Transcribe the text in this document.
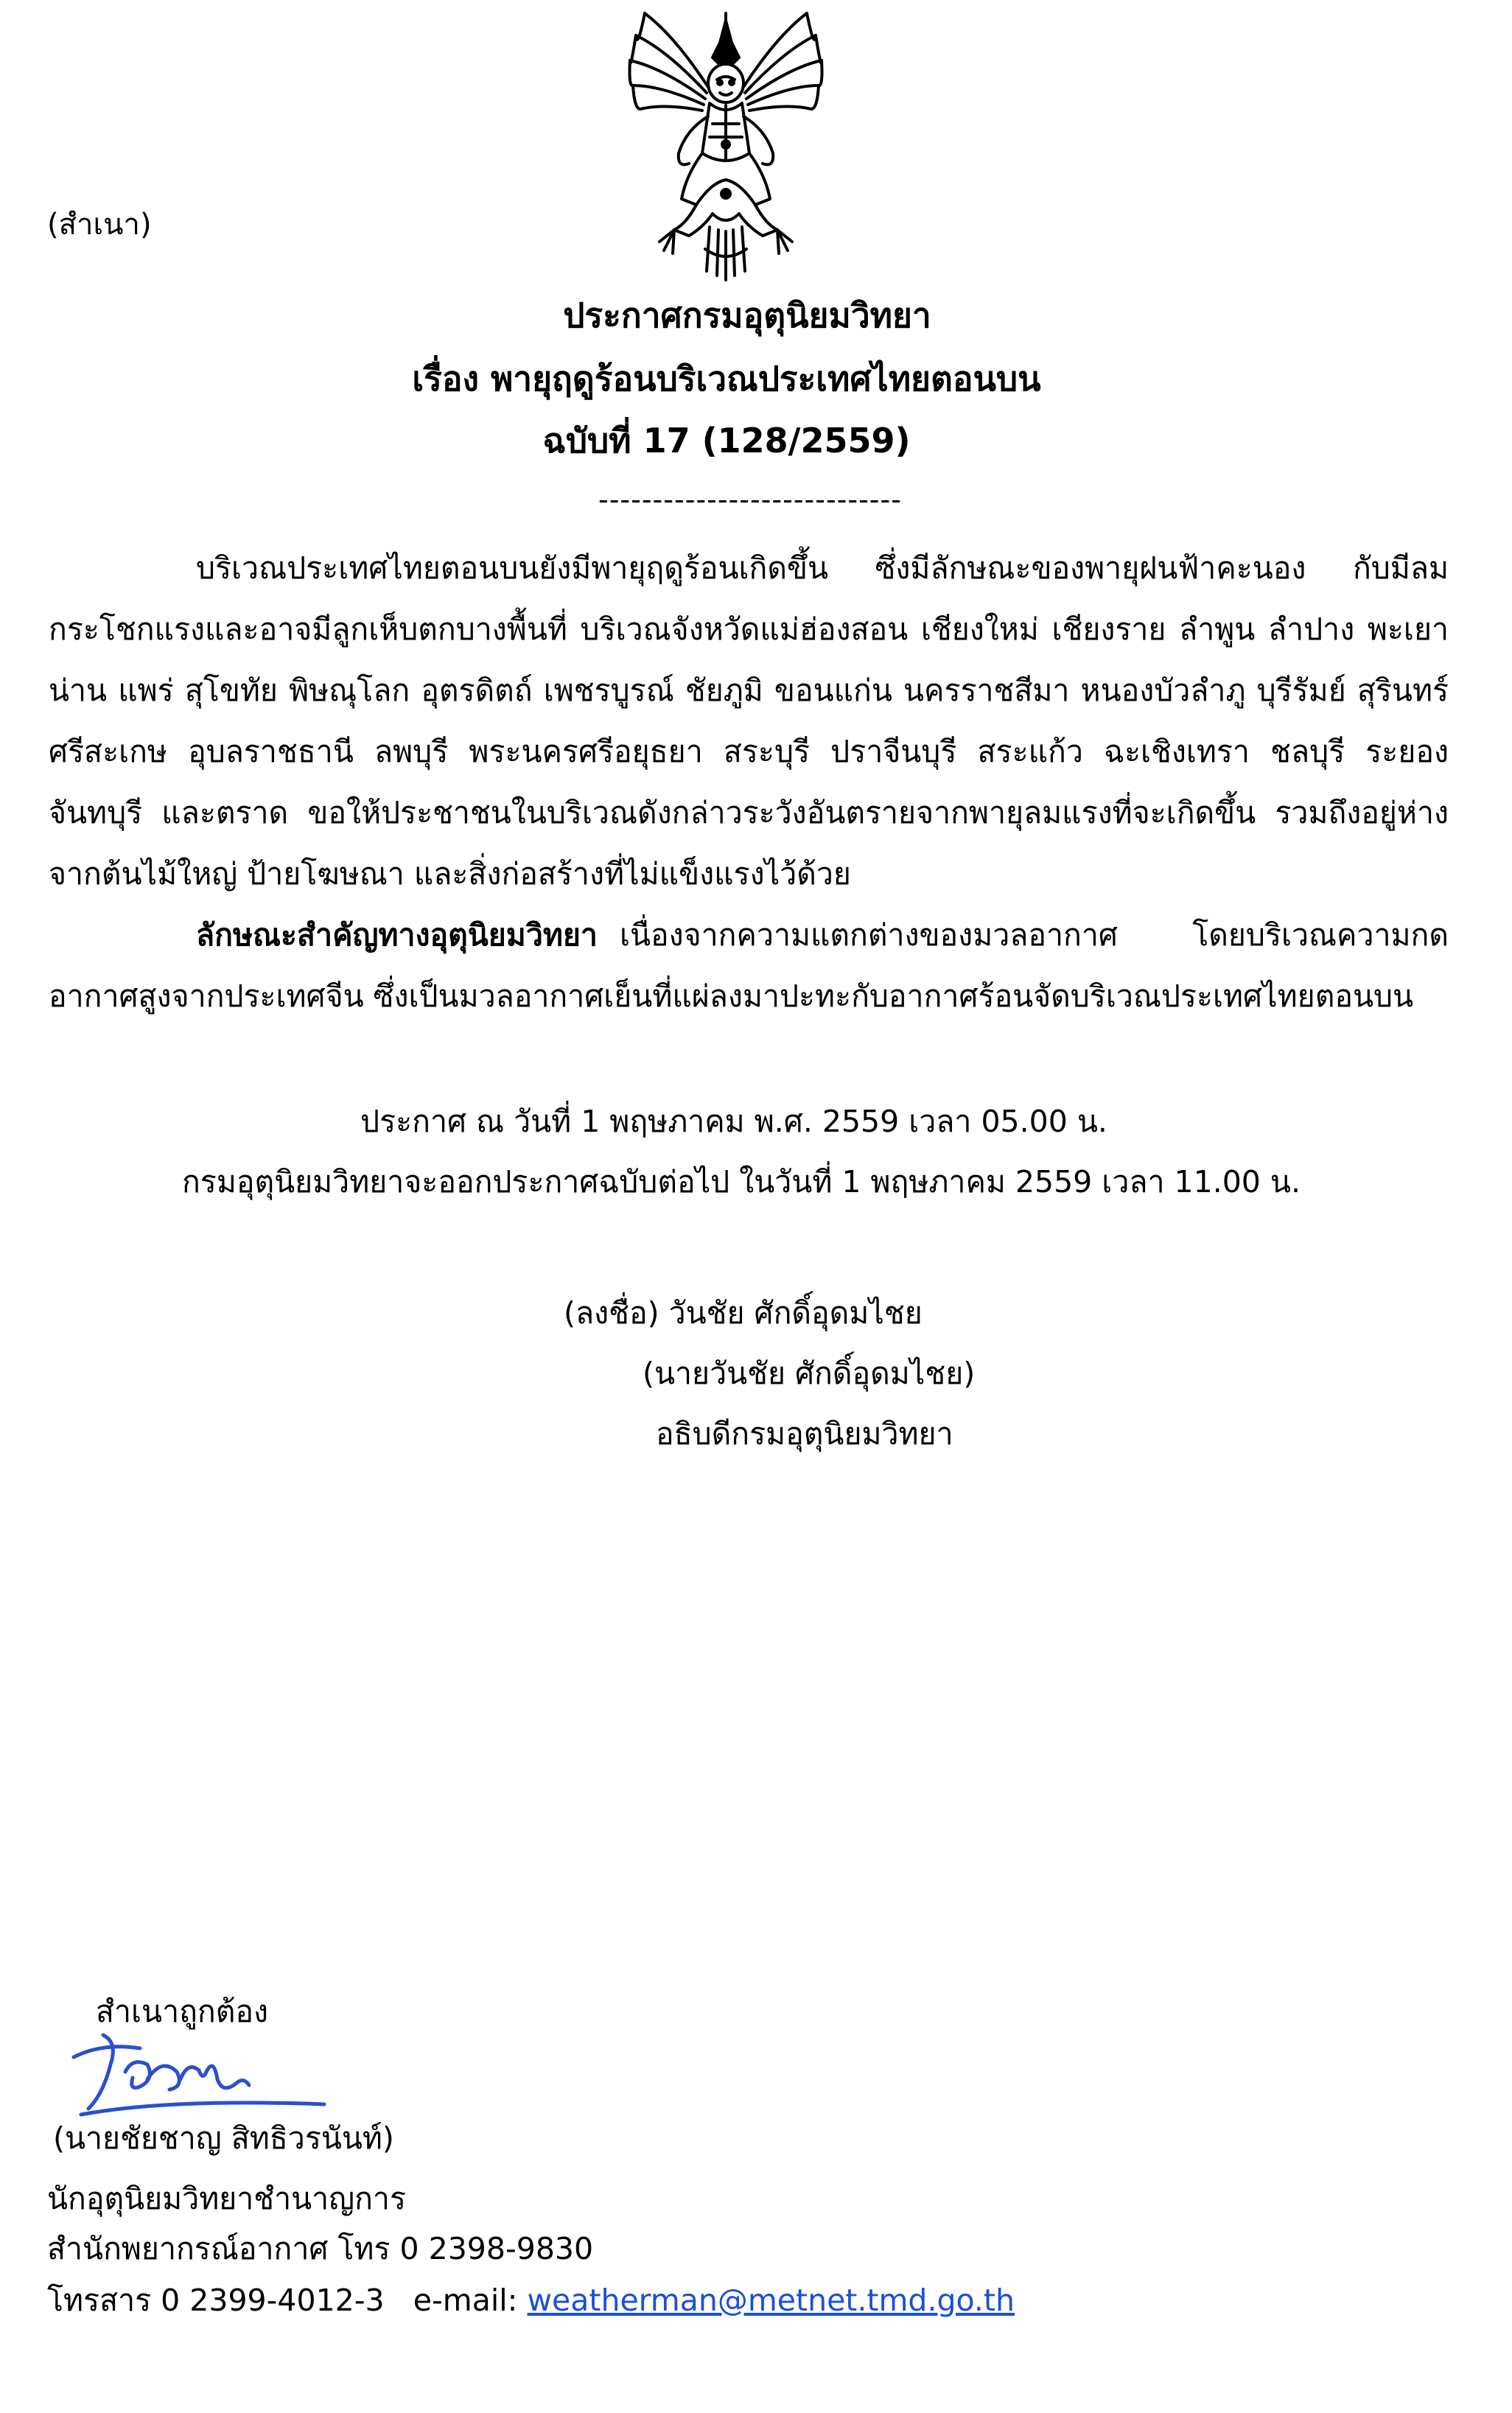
(สำเนา)
ประกาศกรมอุตุนิยมวิทยา
เรื่อง พายุฤดูร้อนบริเวณประเทศไทยตอนบน
ฉบับที่ 17 (128/2559)
----------------------------

บริเวณประเทศไทยตอนบนยังมีพายุฤดูร้อนเกิดขึ้น ซึ่งมีลักษณะของพายุฝนฟ้าคะนอง กับมีลมกระโชกแรงและอาจมีลูกเห็บตกบางพื้นที่ บริเวณจังหวัดแม่ฮ่องสอน เชียงใหม่ เชียงราย ลำพูน ลำปาง พะเยา น่าน แพร่ สุโขทัย พิษณุโลก อุตรดิตถ์ เพชรบูรณ์ ชัยภูมิ ขอนแก่น นครราชสีมา หนองบัวลำภู บุรีรัมย์ สุรินทร์ ศรีสะเกษ อุบลราชธานี ลพบุรี พระนครศรีอยุธยา สระบุรี ปราจีนบุรี สระแก้ว ฉะเชิงเทรา ชลบุรี ระยอง จันทบุรี และตราด ขอให้ประชาชนในบริเวณดังกล่าวระวังอันตรายจากพายุลมแรงที่จะเกิดขึ้น รวมถึงอยู่ห่างจากต้นไม้ใหญ่ ป้ายโฆษณา และสิ่งก่อสร้างที่ไม่แข็งแรงไว้ด้วย

ลักษณะสำคัญทางอุตุนิยมวิทยา เนื่องจากความแตกต่างของมวลอากาศ โดยบริเวณความกดอากาศสูงจากประเทศจีน ซึ่งเป็นมวลอากาศเย็นที่แผ่ลงมาปะทะกับอากาศร้อนจัดบริเวณประเทศไทยตอนบน

ประกาศ ณ วันที่ 1 พฤษภาคม พ.ศ. 2559 เวลา 05.00 น.
กรมอุตุนิยมวิทยาจะออกประกาศฉบับต่อไป ในวันที่ 1 พฤษภาคม 2559 เวลา 11.00 น.
(ลงชื่อ) วันชัย ศักดิ์อุดมไชย
(นายวันชัย ศักดิ์อุดมไชย)
อธิบดีกรมอุตุนิยมวิทยา
สำเนาถูกต้อง
(นายชัยชาญ สิทธิวรนันท์)
นักอุตุนิยมวิทยาชำนาญการ
สำนักพยากรณ์อากาศ โทร 0 2398-9830
โทรสาร 0 2399-4012-3 e-mail: weatherman@metnet.tmd.go.th
